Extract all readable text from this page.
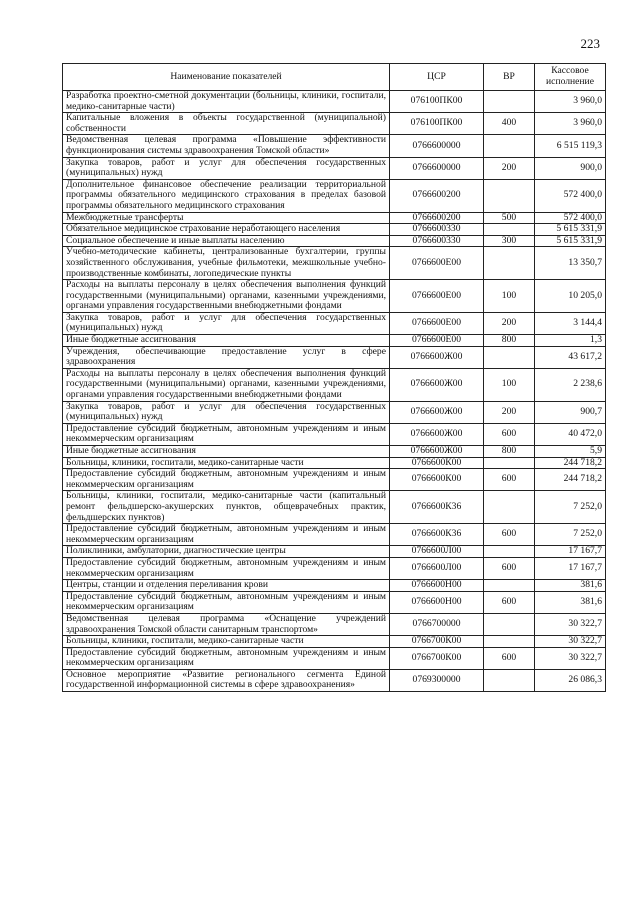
223
Наименование показателей	ЦСР	ВР	Кассовое исполнение
Разработка проектно-сметной документации (больницы, клиники, госпитали, медико-санитарные части)	076100ПК00		3 960,0
Капитальные вложения в объекты государственной (муниципальной) собственности	076100ПК00	400	3 960,0
Ведомственная целевая программа «Повышение эффективности функционирования системы здравоохранения Томской области»	0766600000		6 515 119,3
Закупка товаров, работ и услуг для обеспечения государственных (муниципальных) нужд	0766600000	200	900,0
Дополнительное финансовое обеспечение реализации территориальной программы обязательного медицинского страхования в пределах базовой программы обязательного медицинского страхования	0766600200		572 400,0
Межбюджетные трансферты	0766600200	500	572 400,0
Обязательное медицинское страхование неработающего населения	0766600330		5 615 331,9
Социальное обеспечение и иные выплаты населению	0766600330	300	5 615 331,9
Учебно-методические кабинеты, централизованные бухгалтерии, группы хозяйственного обслуживания, учебные фильмотеки, межшкольные учебно-производственные комбинаты, логопедические пункты	0766600Е00		13 350,7
Расходы на выплаты персоналу в целях обеспечения выполнения функций государственными (муниципальными) органами, казенными учреждениями, органами управления государственными внебюджетными фондами	0766600Е00	100	10 205,0
Закупка товаров, работ и услуг для обеспечения государственных (муниципальных) нужд	0766600Е00	200	3 144,4
Иные бюджетные ассигнования	0766600Е00	800	1,3
Учреждения, обеспечивающие предоставление услуг в сфере здравоохранения	0766600Ж00		43 617,2
Расходы на выплаты персоналу в целях обеспечения выполнения функций государственными (муниципальными) органами, казенными учреждениями, органами управления государственными внебюджетными фондами	0766600Ж00	100	2 238,6
Закупка товаров, работ и услуг для обеспечения государственных (муниципальных) нужд	0766600Ж00	200	900,7
Предоставление субсидий бюджетным, автономным учреждениям и иным некоммерческим организациям	0766600Ж00	600	40 472,0
Иные бюджетные ассигнования	0766600Ж00	800	5,9
Больницы, клиники, госпитали, медико-санитарные части	0766600К00		244 718,2
Предоставление субсидий бюджетным, автономным учреждениям и иным некоммерческим организациям	0766600К00	600	244 718,2
Больницы, клиники, госпитали, медико-санитарные части (капитальный ремонт фельдшерско-акушерских пунктов, общеврачебных практик, фельдшерских пунктов)	0766600К36		7 252,0
Предоставление субсидий бюджетным, автономным учреждениям и иным некоммерческим организациям	0766600К36	600	7 252,0
Поликлиники, амбулатории, диагностические центры	0766600Л00		17 167,7
Предоставление субсидий бюджетным, автономным учреждениям и иным некоммерческим организациям	0766600Л00	600	17 167,7
Центры, станции и отделения переливания крови	0766600Н00		381,6
Предоставление субсидий бюджетным, автономным учреждениям и иным некоммерческим организациям	0766600Н00	600	381,6
Ведомственная целевая программа «Оснащение учреждений здравоохранения Томской области санитарным транспортом»	0766700000		30 322,7
Больницы, клиники, госпитали, медико-санитарные части	0766700К00		30 322,7
Предоставление субсидий бюджетным, автономным учреждениям и иным некоммерческим организациям	0766700К00	600	30 322,7
Основное мероприятие «Развитие регионального сегмента Единой государственной информационной системы в сфере здравоохранения»	0769300000		26 086,3
